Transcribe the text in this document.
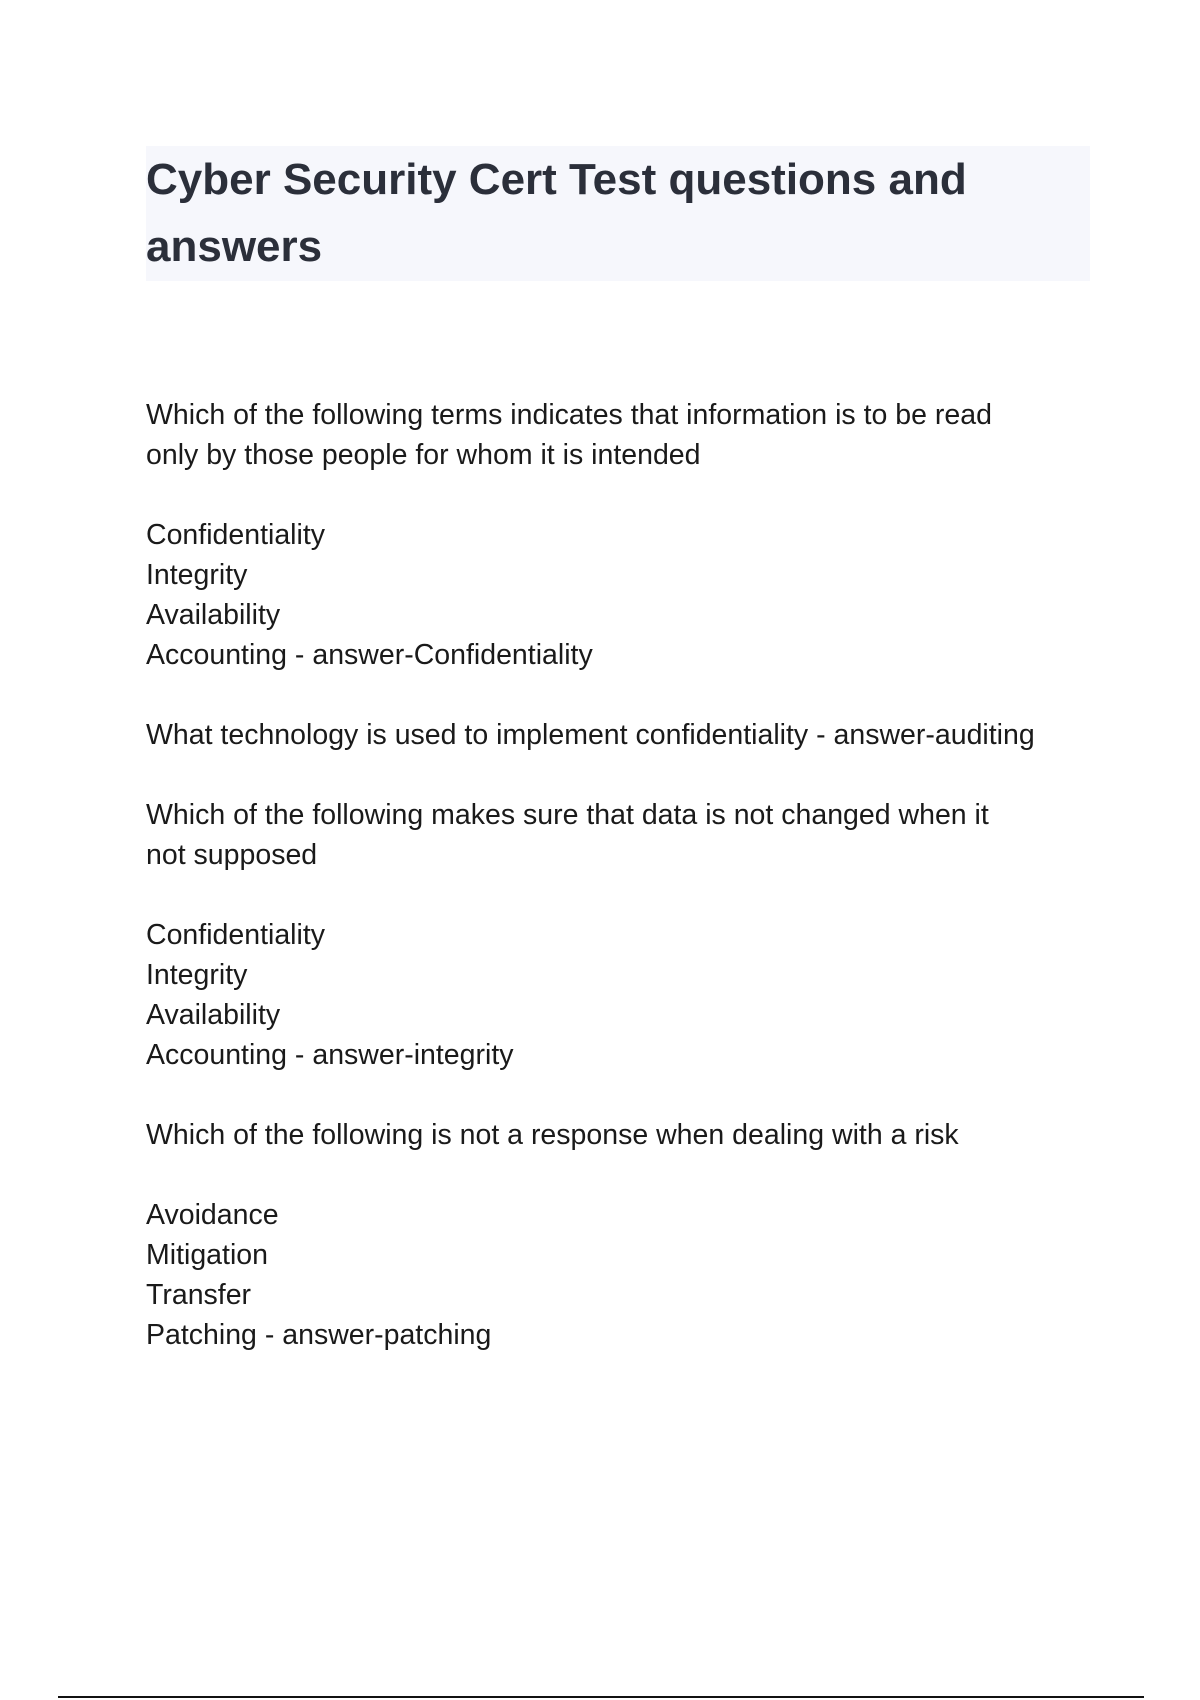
Cyber Security Cert Test questions and answers
Which of the following terms indicates that information is to be read
only by those people for whom it is intended
Confidentiality
Integrity
Availability
Accounting - answer-Confidentiality
What technology is used to implement confidentiality - answer-auditing
Which of the following makes sure that data is not changed when it
not supposed
Confidentiality
Integrity
Availability
Accounting - answer-integrity
Which of the following is not a response when dealing with a risk
Avoidance
Mitigation
Transfer
Patching - answer-patching
